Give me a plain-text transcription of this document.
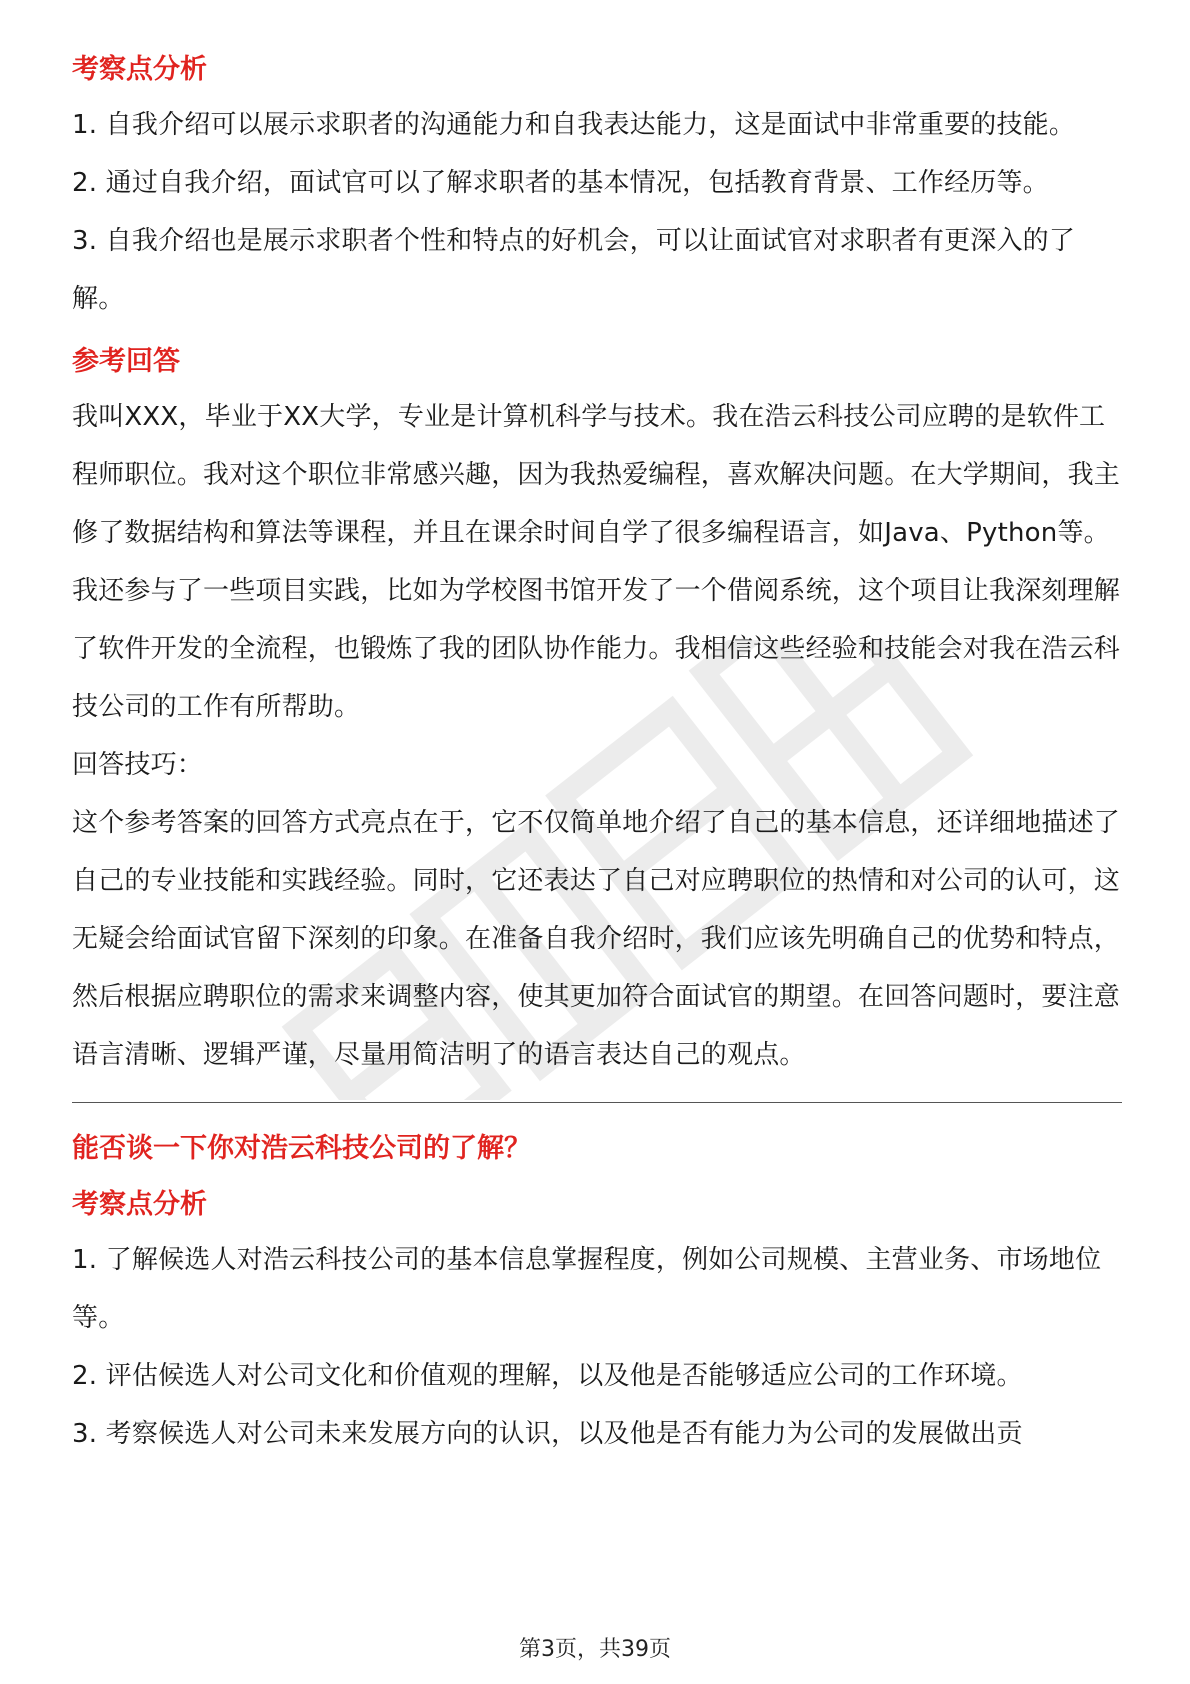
考察点分析

1. 自我介绍可以展示求职者的沟通能力和自我表达能力，这是面试中非常重要的技能。

2. 通过自我介绍，面试官可以了解求职者的基本情况，包括教育背景、工作经历等。

3. 自我介绍也是展示求职者个性和特点的好机会，可以让面试官对求职者有更深入的了解。

参考回答

我叫XXX，毕业于XX大学，专业是计算机科学与技术。我在浩云科技公司应聘的是软件工程师职位。我对这个职位非常感兴趣，因为我热爱编程，喜欢解决问题。在大学期间，我主修了数据结构和算法等课程，并且在课余时间自学了很多编程语言，如Java、Python等。我还参与了一些项目实践，比如为学校图书馆开发了一个借阅系统，这个项目让我深刻理解了软件开发的全流程，也锻炼了我的团队协作能力。我相信这些经验和技能会对我在浩云科技公司的工作有所帮助。

回答技巧：

这个参考答案的回答方式亮点在于，它不仅简单地介绍了自己的基本信息，还详细地描述了自己的专业技能和实践经验。同时，它还表达了自己对应聘职位的热情和对公司的认可，这无疑会给面试官留下深刻的印象。在准备自我介绍时，我们应该先明确自己的优势和特点，然后根据应聘职位的需求来调整内容，使其更加符合面试官的期望。在回答问题时，要注意语言清晰、逻辑严谨，尽量用简洁明了的语言表达自己的观点。

能否谈一下你对浩云科技公司的了解？
考察点分析

1. 了解候选人对浩云科技公司的基本信息掌握程度，例如公司规模、主营业务、市场地位等。

2. 评估候选人对公司文化和价值观的理解，以及他是否能够适应公司的工作环境。

3. 考察候选人对公司未来发展方向的认识，以及他是否有能力为公司的发展做出贡

第3页，共39页
